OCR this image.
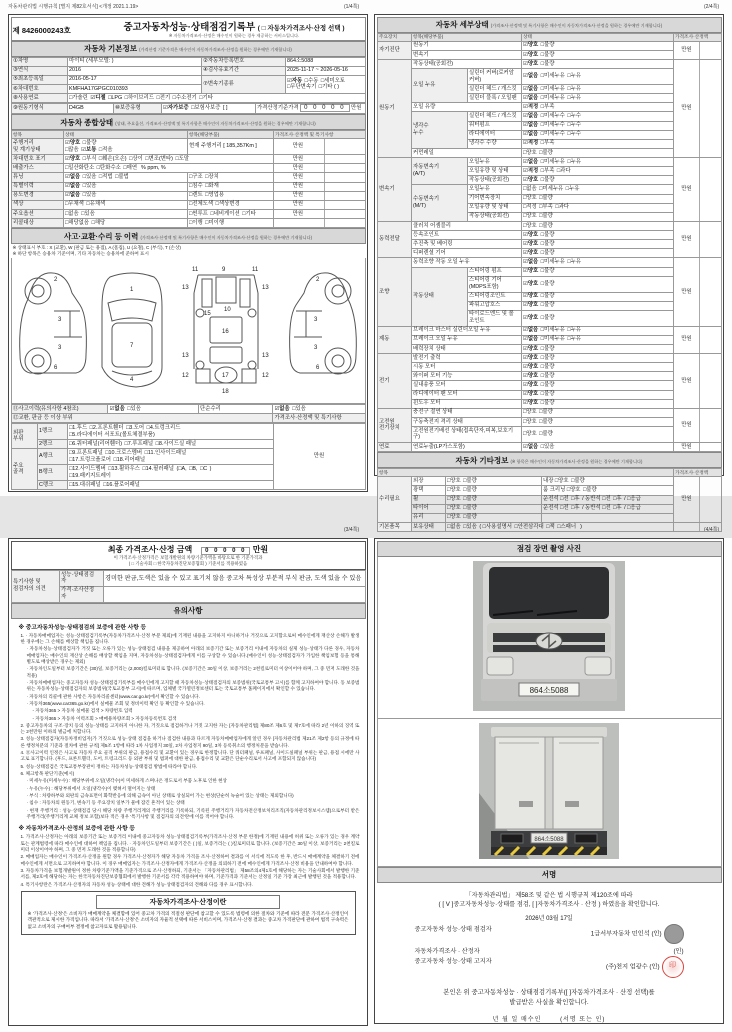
자동차관리법 시행규칙 [별지 제82호서식] <개정 2021.1.19>	(1/4쪽)	(2/4쪽)
(3/4쪽)	(4/4쪽)
제 8426000243호	중고자동차성능·상태점검기록부 ( □ 자동차가격조사·산정 선택 )
※ 자동차가격조사·산정은 매수인이 원하는 경우 제공하는 서비스입니다.
자동차 기본정보 (가격산정 기준가격은 매수인이 자동차가격조사·산정을 원하는 경우에만 기재합니다)
①차명	마이티 (세부모델: )	②자동차등록번호	864소5088
③연식	2016	④검사유효기간	2025-11-17 ~ 2026-05-16
⑤최초등록일	2016-05-17	⑦변속기종류	☑자동 □수동 □세미오토
□무단변속기 □기타 ( )
⑥차대번호	KMFHA17GPGC010393		
⑧사용연료	□가솔린 ☑디젤 □LPG □하이브리드 □전기 □수소전기 □기타		
⑨원동기형식	D4GB	⑩보증유형	☑자가보증 □보험사보증 [ ]	가격산정기준가격 0 0 0 0 0 만원
자동차 종합상태 (상태, 주요옵션, 가격조사·산정액 및 특기사항은 매수인이 자동차가격조사·산정을 원하는 경우에만 기재합니다)
항목	상태	항목(해당부품)	가격조사·산정액 및 특기사항
주행거리
및 계기상태	☑양호 □불량
□많음 ☑보통 □적음	현재 주행거리 [ 185,357Km ]	만원
차대번호 표기	☑양호 □부식 □훼손(오손) □상이 □변조(변타) □도말		만원
배출가스	□일산화탄소 □탄화수소 □매연 % ppm, %		만원
튜닝	☑없음 □있음 □적법 □불법	□구조 □장치	만원
특별이력	☑없음 □있음	□침수 □화재	만원
용도변경	☑없음 □있음	□렌트 □영업용	만원
색상	□무채색 □유채색	□전체도색 □색상변경	만원
주요옵션	□없음 □있음	□썬루프 □네비게이션 □기타	만원
리콜대상	□해당없음 □해당	□이행 □미이행	
사고·교환·수리 등 이력 (가격조사·산정액 및 특기사항은 매수인이 자동차가격조사·산정을 원하는 경우에만 기재합니다)
※ 상태표시 부호 : X (교환), W (판금 또는 용접), A (흠집), U (요철), C (부식), T (손상)
※ 하단 항목은 승용차 기준이며, 기타 자동차는 승용차에 준하여 표시
2
3
3
6
1
7
4
11	11
13	13
9
10
16
13	13
12	12
17
18
15
2
3
3
6
⑪사고이력(유의사항 4참조)	☑없음 □있음	단순수리	☑없음 □있음
⑫교환, 판금 등 이상 부위			가격조사·산정액 및 특기사항
외판
부위	1랭크	□1.후드 □2.프론트휀더 □3.도어 □4.트렁크리드
□5.라디에이터 서포트(볼트체결부품)	만원
	2랭크	□6.쿼터패널(리어휀더) □7.루프패널 □8.사이드실 패널	
주요
골격	A랭크	□9.프론트패널 □10.크로스멤버 □11.인사이드패널
□17.트렁크플로어 □18.리어패널	
	B랭크	□12.사이드멤버 □13.휠하우스 □14.필러패널 (□A, □B, □C )
□19.패키지트레이	
	C랭크	□15.대쉬패널 □16.플로어패널	
자동차 세부상태 (가격조사·산정액 및 특기사항은 매수인이 자동차가격조사·산정을 원하는 경우에만 기재합니다)
주요장치	항목(해당부품)		상태	가격조사·산정액
자기진단	원동기		☑양호 □불량	만원
	변속기		☑양호 □불량	
원동기	작동상태(공회전)		☑양호 □불량	만원
	오일 누유	실린더 커버(로커암 커버)	☑없음 □미세누유 □누유	
		실린더 헤드 / 개스킷	☑없음 □미세누유 □누유	
		실린더 블록 / 오일팬	☑없음 □미세누유 □누유	
	오일 유량		☑적정 □부족	
	냉각수
누수	실린더 헤드 / 개스킷	☑없음 □미세누수 □누수	
		워터펌프	☑없음 □미세누수 □누수	
		라디에이터	☑없음 □미세누수 □누수	
		냉각수 수량	☑적정 □부족	
	커먼레일		□양호 □불량	
변속기	자동변속기
(A/T)	오일누유	☑없음 □미세누유 □누유	만원
		오일유량 및 상태	☑적정 □부족 □과다	
		작동상태(공회전)	☑양호 □불량	
	수동변속기
(M/T)	오일누유	□없음 □미세누유 □누유	
		기어변속장치	□양호 □불량	
		오일유량 및 상태	□적정 □부족 □과다	
		작동상태(공회전)	□양호 □불량	
동력전달	클러치 어셈블리		□양호 □불량	만원
	등속조인트		☑양호 □불량	
	추진축 및 베어링		☑양호 □불량	
	디퍼렌셜 기어		☑양호 □불량	
조향	동력조향 작동 오일 누유		☑없음 □미세누유 □누유	만원
	작동상태	스티어링 펌프	☑양호 □불량	
		스티어링 기어(MDPS포함)	☑양호 □불량	
		스티어링조인트	☑양호 □불량	
		파워고압호스	☑양호 □불량	
		타이로드엔드 및 볼 조인트	☑양호 □불량	
제동	브레이크 마스터 실린더오일 누유		☑없음 □미세누유 □누유	만원
	브레이크 오일 누유		☑없음 □미세누유 □누유	
	배력장치 상태		☑양호 □불량	
전기	발전기 출력		☑양호 □불량	만원
	시동 모터		☑양호 □불량	
	와이퍼 모터 기능		☑양호 □불량	
	실내송풍 모터		☑양호 □불량	
	라디에이터 팬 모터		☑양호 □불량	
	윈도우 모터		☑양호 □불량	
고전원
전기장치	충전구 절연 상태		□양호 □불량	만원
	구동축전지 격리 상태		□양호 □불량	
	고전원전기배선 상태(접속단자,피복,보호기구)		□양호 □불량	
연료	연료누출(LP가스포함)		☑없음 □있음	만원
자동차 기타정보 (※ 항목은 매수인이 자동차가격조사·산정을 원하는 경우에만 기재합니다)
항목				가격조사·산정액
수리필요	외장	□양호 □불량	내장 □양호 □불량	만원
	광택	□양호 □불량	룸 크리닝 □양호 □불량	
	휠	□양호 □불량	운전석 □전 □후 / 동반석 □전 □후 / □응급	
	타이어	□양호 □불량	운전석 □전 □후 / 동반석 □전 □후 / □응급	
	유리	□양호 □불량		
기본품목	보유상태	□없음 □있음 ( □사용설명서 □안전삼각대 □잭 □스패너 )		
최종 가격조사·산정 금액 0 0 0 0 0 만원
이 가격조사·산정가격은 보험개발원의 차량기준가액을 바탕으로 한 기준가격과
( □ 기술사회 □ 한국자동차진단보증협회 ) 기준서를 적용하였음
특기사항 및
점검자의 의견	성능·상태점검
자	경미한 판금,도색은 있을 수 있고 표기치 않음 중고차 특성상 부분적 부식 판금, 도색 있을 수 있음
	가격·조사산정
자	
유의사항
※ 중고자동차성능·상태점검의 보증에 관한 사항 등
1. · 자동차매매업자는 성능·상태점검기록부(자동차가격조사·산정 부분 제외)에 기재된 내용을 고지하지 아니하거나 거짓으로 고지함으로써 매수인에게 재산상 손해가 발생한 경우에는 그 손해를 배상할 책임을 집니다.
· 자동차성능·상태점검자가 거짓 또는 오류가 있는 성능·상태점검 내용을 제공하여 아래의 보증기간 또는 보증거리 이내에 자동차의 실제 성능·상태가 다른 경우, 자동차매매업자는 매수인의 재산상 손해를 배상할 책임을 지며, 자동차성능·상태점검자에게 이를 구상할 수 있습니다.(매수인이 성능·상태점검자가 가입한 책임보험 등을 통해 별도로 배상받은 경우는 제외)
· 자동차인도일부터 보증기간은 (30)일, 보증거리는 (2,000)킬로미터로 합니다. (보증기간은 30일 이상, 보증거리는 2천킬로미터 이상이어야 하며, 그 중 먼저 도래한 것을 적용)
· 자동차매매업자는 중고자동차 성능·상태점검기록부를 매수인에게 고지할 때 자동차성능·상태점검자의 보증범위(국토교통부 고시)를 함께 고지하여야 합니다. 동 보증범위는 자동차성능·상태점검자의 보증범위(국토교통부 고시)에 따르며, 업체별 국가열린정보센터 또는 국토교통부 홈페이지에서 확인할 수 있습니다.
· 자동차의 리콜에 관한 사항은 자동차리콜센터(www.car.go.kr)에서 확인할 수 있습니다.
· 자동차365(www.car365.go.kr)에서 실매물 조회 및 정비이력 확인 등 확인할 수 있습니다.
- 자동차365 > 자동차 실매물 검색 > 차량번호 입력
- 자동차365 > 자동차 이력조회 > 매매용차량조회 > 자동차등록번호 검색
2. 중고자동차의 구조·장치 등의 성능·상태를 고지하지 아니한 자, 거짓으로 점검하거나 거짓 고지한 자는 [자동차관리법] 제80조 제6호 및 제7호에 따라 2년 이하의 징역 또는 2천만원 이하의 벌금에 처합니다.
3. 성능·상태점검자(자동차정비업자)가 거짓으로 성능·상태 점검을 하거나 점검한 내용과 다르게 자동차매매업자에게 알린 경우 [자동차관리법 제21조 제2항 등의 규정에 따른 행정처분의 기준과 절차에 관한 규칙] 제5조 1항에 따라 1차 사업정지 30일, 2차 사업정지 90일, 3차 등록취소의 행정처분을 받습니다.
4. ⑪사고이력 인정은 사고로 자동차 주요 골격 부위의 판금, 용접수리 및 교환이 있는 경우로 한정합니다. 단 쿼터패널, 루프패널, 사이드실패널 부위는 판금, 용접 시에만 사고로 표기합니다. (후드, 프론트휀더, 도어, 트렁크리드 등 외판 부위 및 범퍼에 대한 판금, 용접수리 및 교환은 단순수리로서 사고에 포함되지 않습니다)
5. 성능·상태점검은 국토교통부장관이 정하는 자동차성능·상태점검 방법에 따라야 합니다.
6. 체크항목 판단기준(예시)
· 미세누유(미세누수) : 해당부위에 오일(냉각수)이 미세하게 스며나온 정도로서 부품 노후로 인한 현상
· 누유(누수) : 해당부위에서 오일(냉각수)이 맺혀서 떨어지는 상태
· 부식 : 차량하부와 외판의 금속표면이 화학반응에 의해 금속이 아닌 상태로 상실되어 가는 현상(단순히 녹슬어 있는 상태는 제외합니다)
· 침수 : 자동차의 원동기, 변속기 등 주요장치 일부가 물에 잠긴 흔적이 있는 상태
· 현재 주행거리 : 성능·상태점검 당시 해당 차량 주행거리계의 주행거리를 기록하되, 기록된 주행거리가 자동차전산정보처리조직(자동차관리정보시스템)으로부터 받은 주행거리(주행거리계 교체 정보 포함)보다 적은 경우 '특기사항 및 점검자의 의견'란에 이를 적어야 합니다.
※ 자동차가격조사·산정의 보증에 관한 사항 등
1. 가격조사·산정자는 아래의 보증기간 또는 보증거리 이내에 중고자동차 성능·상태점검기록부(가격조사·산정 부분 한정)에 기재된 내용에 허위 또는 오류가 있는 경우 계약 또는 관계법령에 따라 매수인에 대하여 책임을 집니다. · 자동차인도일부터 보증기간은 ( )일, 보증거리는 ( )킬로미터로 합니다. (보증기간은 30일 이상, 보증거리는 2천킬로미터 이상이어야 하며, 그 중 먼저 도래한 것을 적용합니다)
2. 매매업자는 매수인이 가격조사·산정을 원할 경우 가격조사·산정자가 해당 자동차 가격을 조사·산정하여 결과를 이 서식에 적도록 한 후, 반드시 매매계약을 체결하기 전에 매수인에게 서면으로 고지하여야 합니다. 이 경우 매매업자는 가격조사·산정자에게 가격조사·산정을 의뢰하기 전에 매수인에게 가격조사·산정 비용을 안내하여야 합니다.
3. 자동차가격을 보험개발원이 정한 차량기준가액을 기준가격으로 조사·산정하되, 기준서는 「자동차관리법」 제58조의4제1호에 해당하는 자는 기술사회에서 발행한 기준서를, 제2호에 해당하는 자는 한국자동차진단보증협회에서 발행한 기준서를 각각 적용하여야 하며, 기준가격과 기준서는 산정일 기준 가장 최근에 발행된 것을 적용합니다.
4. 특기사항란은 가격조사·산정자의 자동차 성능·상태에 대한 견해가 성능·상태점검자의 견해와 다를 경우 표시합니다.
자동차가격조사·산정이란
※ '가격조사·산정'은 소비자가 매매계약을 체결함에 있어 중고차 가격의 적절성 판단에 참고할 수 있도록 법령에 의한 절차와 기준에 따라 전문 가격조사·산정인이 객관적으로 제시한 가격입니다. 따라서 '가격조사·산정'은 소비자의 자율적 선택에 따른 서비스이며, 가격조사·산정 결과는 중고차 가격판단에 관하여 법적 구속력은 없고 소비자의 구매여부 결정에 참고자료로 활용됩니다.
점검 장면 촬영 사진
864소5088
864소5088
서명
「자동차관리법」 제58조 및 같은 법 시행규칙 제120조에 따라
( [ V ]중고자동차성능·상태를 점검, [ ]자동차가격조사 · 산정 ) 하였음을 확인합니다.
2026년 03월 17일
중고자동차 성능·상태 점검자
1급서부자동차 민인석 (인)
자동차가격조사 · 산정자	(인)
중고자동차 성능·상태 고지자
(주)천지 엄광수 (인) 印
본인은 위 중고자동차성능 · 상태점검기록부([ ]자동차가격조사 · 산정 선택)를
발급받은 사실을 확인합니다.
년 월 일 매수인	(서명 또는 인)
